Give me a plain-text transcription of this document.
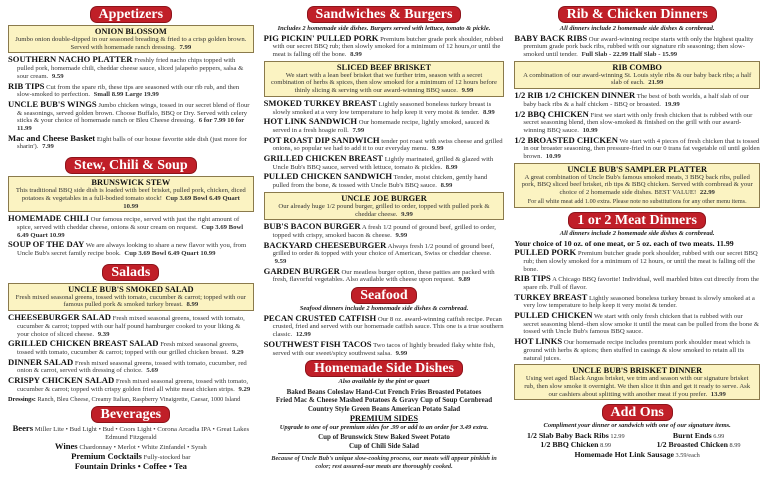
Appetizers
ONION BLOSSOM
Jumbo onion double-dipped in our seasoned breading & fried to a crisp golden brown. Served with homemade ranch dressing. 7.99
SOUTHERN NACHO PLATTER Freshly fried nacho chips topped with pulled pork, homemade chili, cheddar cheese sauce, sliced jalapeño peppers, salsa & sour cream. 9.59
RIB TIPS Cut from the spare rib, these tips are seasoned with our rib rub, and then slow-smoked to perfection. Small 8.99 Large 19.99
UNCLE BUB'S WINGS Jumbo chicken wings, tossed in our secret blend of flour & seasonings, served golden brown. Choose Buffalo, BBQ or Dry. Served with celery sticks & your choice of homemade ranch or Bleu Cheese dressing. 6 for 7.99 10 for 11.99
Mac and Cheese Basket Eight balls of our house favorite side dish (just more for sharin'). 7.99
Stew, Chili & Soup
BRUNSWICK STEW
This traditional BBQ side dish is loaded with beef brisket, pulled pork, chicken, diced potatoes & vegetables in a full-bodied tomato stock! Cup 3.69 Bowl 6.49 Quart 10.99
HOMEMADE CHILI Our famous recipe, served with just the right amount of spice, served with cheddar cheese, onions & sour cream on request. Cup 3.69 Bowl 6.49 Quart 10.99
SOUP OF THE DAY We are always looking to share a new flavor with you, from Uncle Bub's secret family recipe book. Cup 3.69 Bowl 6.49 Quart 10.99
Salads
UNCLE BUB'S SMOKED SALAD
Fresh mixed seasonal greens, tossed with tomato, cucumber & carrot; topped with our famous pulled pork & smoked turkey breast. 8.99
CHEESEBURGER SALAD Fresh mixed seasonal greens, tossed with tomato, cucumber & carrot; topped with our half pound hamburger cooked to your liking & your choice of sliced cheese. 9.39
GRILLED CHICKEN BREAST SALAD Fresh mixed seasonal greens, tossed with tomato, cucumber & carrot; topped with our grilled chicken breast. 9.29
DINNER SALAD Fresh mixed seasonal greens, tossed with tomato, cucumber, red onion & carrot, served with dressing of choice. 5.69
CRISPY CHICKEN SALAD Fresh mixed seasonal greens, tossed with tomato, cucumber & carrot; topped with crispy golden fried all white meat chicken strips. 9.29
Dressings: Ranch, Bleu Cheese, Creamy Italian, Raspberry Vinaigrette, Caesar, 1000 Island
Beverages
Beers Miller Lite • Bud Light • Bud • Coors Light • Corona Arcadia IPA • Great Lakes Edmund Fitzgerald
Wines Chardonnay • Merlot • White Zinfandel • Syrah
Premium Cocktails Fully-stocked bar
Fountain Drinks • Coffee • Tea
Sandwiches & Burgers
Includes 2 homemade side dishes. Burgers served with lettuce, tomato & pickle.
PIG PICKIN' PULLED PORK Premium butcher grade pork shoulder, rubbed with our secret BBQ rub; then slowly smoked for a minimum of 12 hours,or until the meat is falling off the bone. 8.99
SLICED BEEF BRISKET
We start with a lean beef brisket that we further trim, season with a secret combination of herbs & spices, then slow smoked for a minimum of 12 hours before thinly slicing & serving with our award-winning BBQ sauce. 9.99
SMOKED TURKEY BREAST Lightly seasoned boneless turkey breast is slowly smoked at a very low temperature to help keep it very moist & tender. 8.99
HOT LINK SANDWICH Our homemade recipe, lightly smoked, sauced & served in a fresh hoagie roll. 7.99
POT ROAST DIP SANDWICH tender pot roast with swiss cheese and grilled onions, so popular we had to add it to our everyday menu. 9.99
GRILLED CHICKEN BREAST Lightly marinated, grilled & glazed with Uncle Bub's BBQ sauce, served with lettuce, tomato & pickles. 8.99
PULLED CHICKEN SANDWICH Tender, moist chicken, gently hand pulled from the bone, & tossed with Uncle Bub's BBQ sauce. 8.99
UNCLE JOE BURGER
Our already huge 1/2 pound burger, grilled to order, topped with pulled pork & cheddar cheese. 9.99
BUB'S BACON BURGER A fresh 1/2 pound of ground beef, grilled to order, topped with crispy, smoked bacon & cheese. 9.99
BACKYARD CHEESEBURGER Always fresh 1/2 pound of ground beef, grilled to order & topped with your choice of American, Swiss or cheddar cheese. 9.59
GARDEN BURGER Our meatless burger option, these patties are packed with fresh, flavorful vegetables. Also available with cheese upon request. 9.89
Seafood
Seafood dinners include 2 homemade side dishes & cornbread.
PECAN CRUSTED CATFISH Our 8 oz. award-winning catfish recipe. Pecan crusted, fried and served with our homemade catfish sauce. This one is a true southern classic. 12.99
SOUTHWEST FISH TACOS Two tacos of lightly breaded flaky white fish, served with our sweet/spicy southwest salsa. 9.99
Homemade Side Dishes
Also available by the pint or quart
Baked Beans Coleslaw Hand-Cut French Fries Broasted Potatoes
Fried Mac & Cheese Mashed Potatoes & Gravy Cup of Soup Cornbread
Country Style Green Beans American Potato Salad
PREMIUM SIDES
Upgrade to one of our premium sides for .99 or add to an order for 3.49 extra.
Cup of Brunswick Stew Baked Sweet Potato
Cup of Chili Side Salad
Because of Uncle Bub's unique slow-cooking process, our meats will appear pinkish in color; rest assured-our meats are thoroughly cooked.
Rib & Chicken Dinners
All dinners include 2 homemade side dishes & cornbread.
BABY BACK RIBS Our award-winning recipe starts with only the highest quality premium grade pork back ribs, rubbed with our signature rib seasoning; then slow-smoked until tender. Full Slab - 22.99 Half Slab - 15.99
RIB COMBO
A combination of our award-winning St. Louis style ribs & our baby back ribs; a half slab of each. 21.99
1/2 RIB 1/2 CHICKEN DINNER The best of both worlds, a half slab of our baby back ribs & a half chicken - BBQ or broasted. 19.99
1/2 BBQ CHICKEN First we start with only fresh chicken that is rubbed with our secret seasoning blend, then slow-smoked & finished on the grill with our award-winning BBQ sauce. 10.99
1/2 BROASTED CHICKEN We start with 4 pieces of fresh chicken that is tossed in our broaster seasoning, then pressure-fried in our 0 trans fat vegetable oil until golden brown. 10.99
UNCLE BUB'S SAMPLER PLATTER
A great combination of Uncle Bub's famous smoked meats, 3 BBQ back ribs, pulled pork, BBQ sliced beef brisket, rib tips & BBQ chicken. Served with cornbread & your choice of 2 homemade side dishes. BEST VALUE! 22.99
For all white meat add 1.00 extra. Please note no substitutions for any other menu items.
1 or 2 Meat Dinners
All dinners include 2 homemade side dishes & cornbread.
Your choice of 10 oz. of one meat, or 5 oz. each of two meats. 11.99
PULLED PORK Premium butcher grade pork shoulder, rubbed with our secret BBQ rub; then slowly smoked for a minimum of 12 hours, or until the meat is falling off the bone.
RIB TIPS A Chicago BBQ favorite! Individual, well marbled bites cut directly from the spare rib. Full of flavor.
TURKEY BREAST Lightly seasoned boneless turkey breast is slowly smoked at a very low temperature to help keep it very moist & tender.
PULLED CHICKEN We start with only fresh chicken that is rubbed with our secret seasoning blend–then slow smoke it until the meat can be pulled from the bone & tossed with Uncle Bub's famous BBQ sauce.
HOT LINKS Our homemade recipe includes premium pork shoulder meat which is ground with herbs & spices; then stuffed in casings & slow smoked to retain all its natural juices.
UNCLE BUB'S BRISKET DINNER
Using wet aged Black Angus brisket, we trim and season with our signature brisket rub, then slow smoke it overnight. We then slice it thin and get it ready to serve. Ask our cashiers about splitting with another meat if you prefer. 13.99
Add Ons
Compliment your dinner or sandwich with one of our signature items.
1/2 Slab Baby Back Ribs 12.99	Burnt Ends 6.99
1/2 BBQ Chicken 8.99	1/2 Broasted Chicken 8.99
Homemade Hot Link Sausage 3.59/each
